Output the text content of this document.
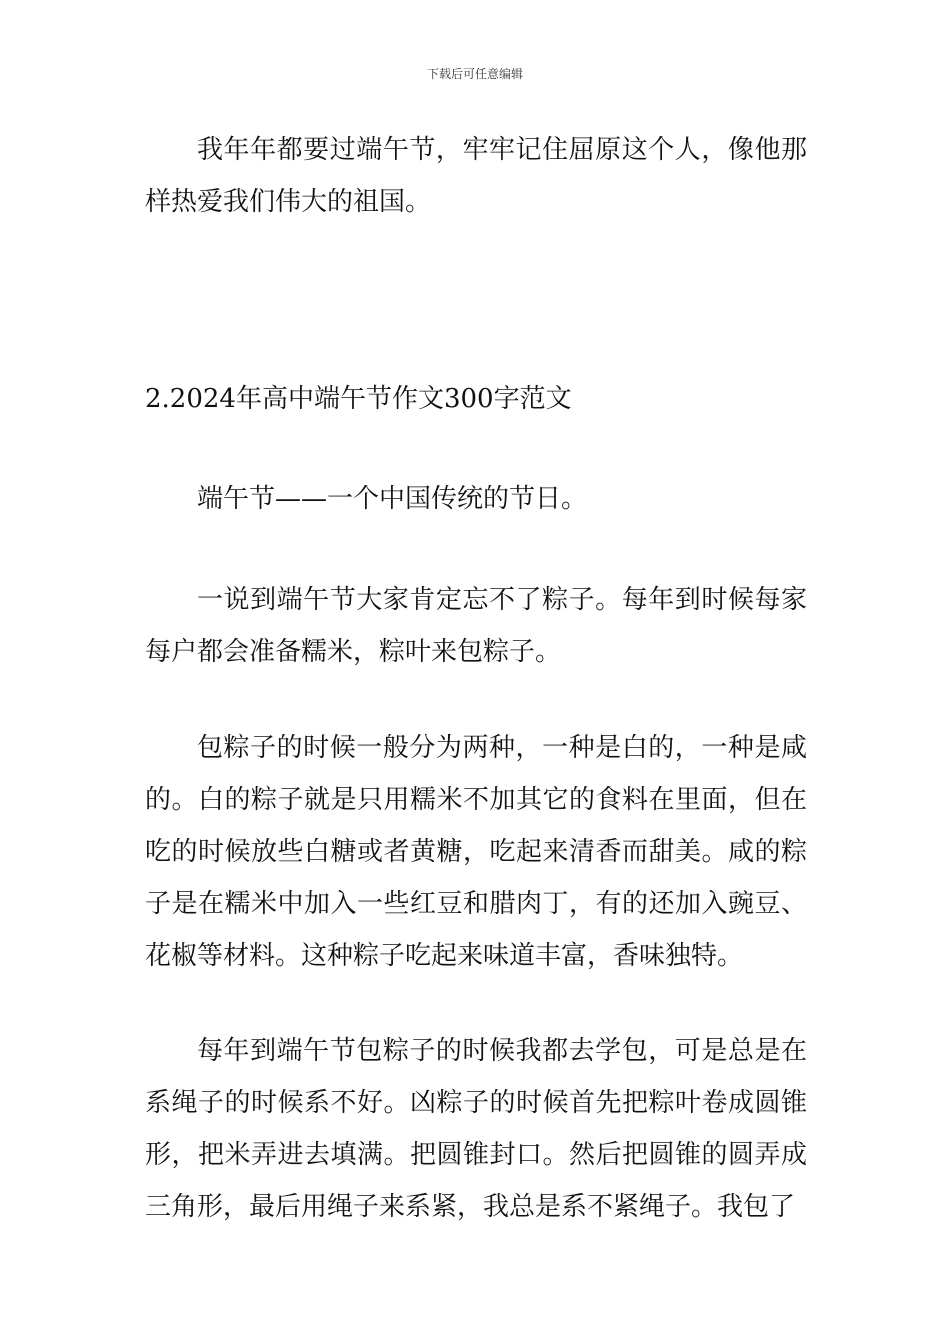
下载后可任意编辑

我年年都要过端午节，牢牢记住屈原这个人，像他那样热爱我们伟大的祖国。

2.2024年高中端午节作文300字范文

端午节——一个中国传统的节日。

一说到端午节大家肯定忘不了粽子。每年到时候每家每户都会准备糯米，粽叶来包粽子。

包粽子的时候一般分为两种，一种是白的，一种是咸的。白的粽子就是只用糯米不加其它的食料在里面，但在吃的时候放些白糖或者黄糖，吃起来清香而甜美。咸的粽子是在糯米中加入一些红豆和腊肉丁，有的还加入豌豆、花椒等材料。这种粽子吃起来味道丰富，香味独特。

每年到端午节包粽子的时候我都去学包，可是总是在系绳子的时候系不好。凶粽子的时候首先把粽叶卷成圆锥形，把米弄进去填满。把圆锥封口。然后把圆锥的圆弄成三角形，最后用绳子来系紧，我总是系不紧绳子。我包了
